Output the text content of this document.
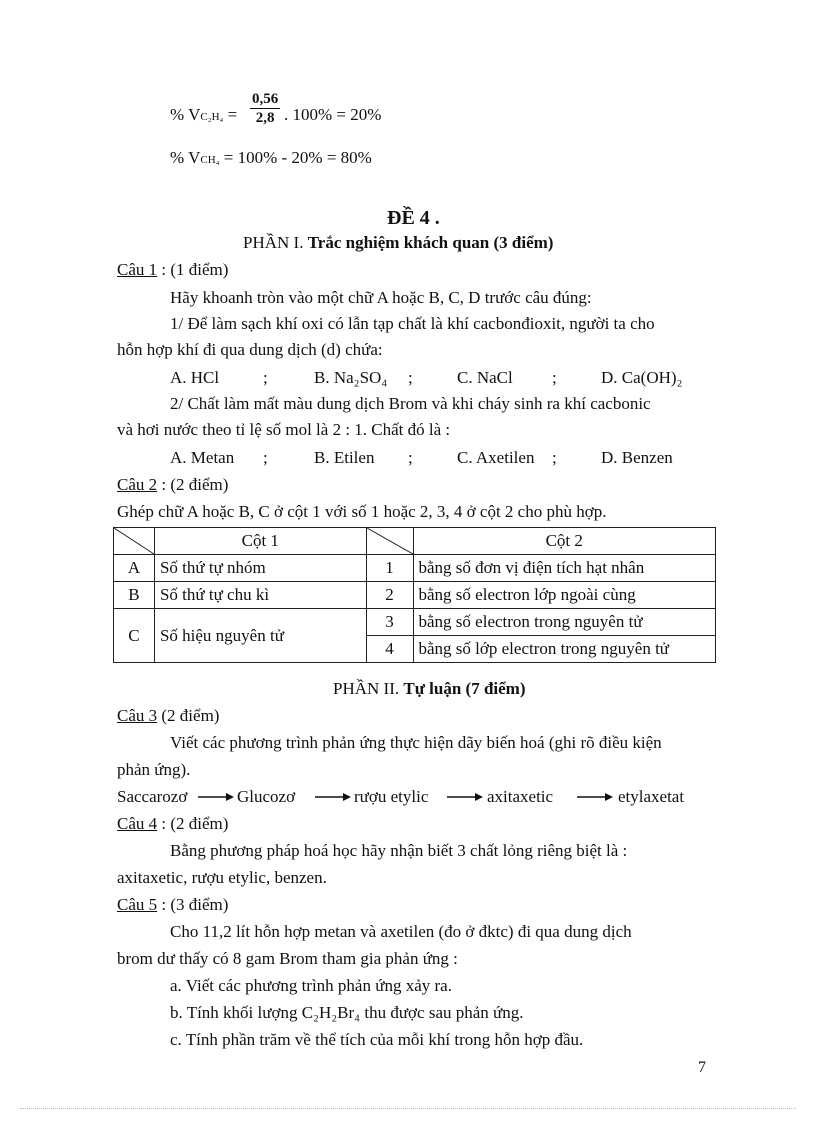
% $VC_2H_4 = \frac{0,56}{2,8}$ . 100% = 20%
% VCH₄ = 100% - 20% = 80%
ĐỀ 4 .
PHẦN I. Trắc nghiệm khách quan (3 điểm)
Câu 1 : (1 điểm)
Hãy khoanh tròn vào một chữ A hoặc B, C, D trước câu đúng:
1/ Để làm sạch khí oxi có lẫn tạp chất là khí cacbonđioxit, người ta cho
hỗn hợp khí đi qua dung dịch (d) chứa:
A. HCl	;	B. Na₂SO₄ ;	C. NaCl ;	D. Ca(OH)₂
2/ Chất làm mất màu dung dịch Brom và khi cháy sinh ra khí cacbonic
và hơi nước theo tỉ lệ số mol là 2 : 1. Chất đó là :
A. Metan ;	B. Etilen ;	C. Axetilen ;	D. Benzen
Câu 2 : (2 điểm)
Ghép chữ A hoặc B, C ở cột 1 với số 1 hoặc 2, 3, 4 ở cột 2 cho phù hợp.
	Cột 1		Cột 2
A	Số thứ tự nhóm	1	bằng số đơn vị điện tích hạt nhân
B	Số thứ tự chu kì	2	bằng số electron lớp ngoài cùng
C	Số hiệu nguyên tử	3	bằng số electron trong nguyên tử
		4	bằng số lớp electron trong nguyên tử
PHẦN II. Tự luận (7 điểm)
Câu 3 (2 điểm)
Viết các phương trình phản ứng thực hiện dãy biến hoá (ghi rõ điều kiện
phản ứng).
Saccarozơ	Glucozơ	rượu etylic	axitaxetic	etylaxetat
Câu 4 : (2 điểm)
Bằng phương pháp hoá học hãy nhận biết 3 chất lỏng riêng biệt là :
axitaxetic, rượu etylic, benzen.
Câu 5 : (3 điểm)
Cho 11,2 lít hỗn hợp metan và axetilen (đo ở đktc) đi qua dung dịch
brom dư thấy có 8 gam Brom tham gia phản ứng :
a. Viết các phương trình phản ứng xảy ra.
b. Tính khối lượng C₂H₂Br₄ thu được sau phản ứng.
c. Tính phần trăm về thể tích của mỗi khí trong hỗn hợp đầu.
7
